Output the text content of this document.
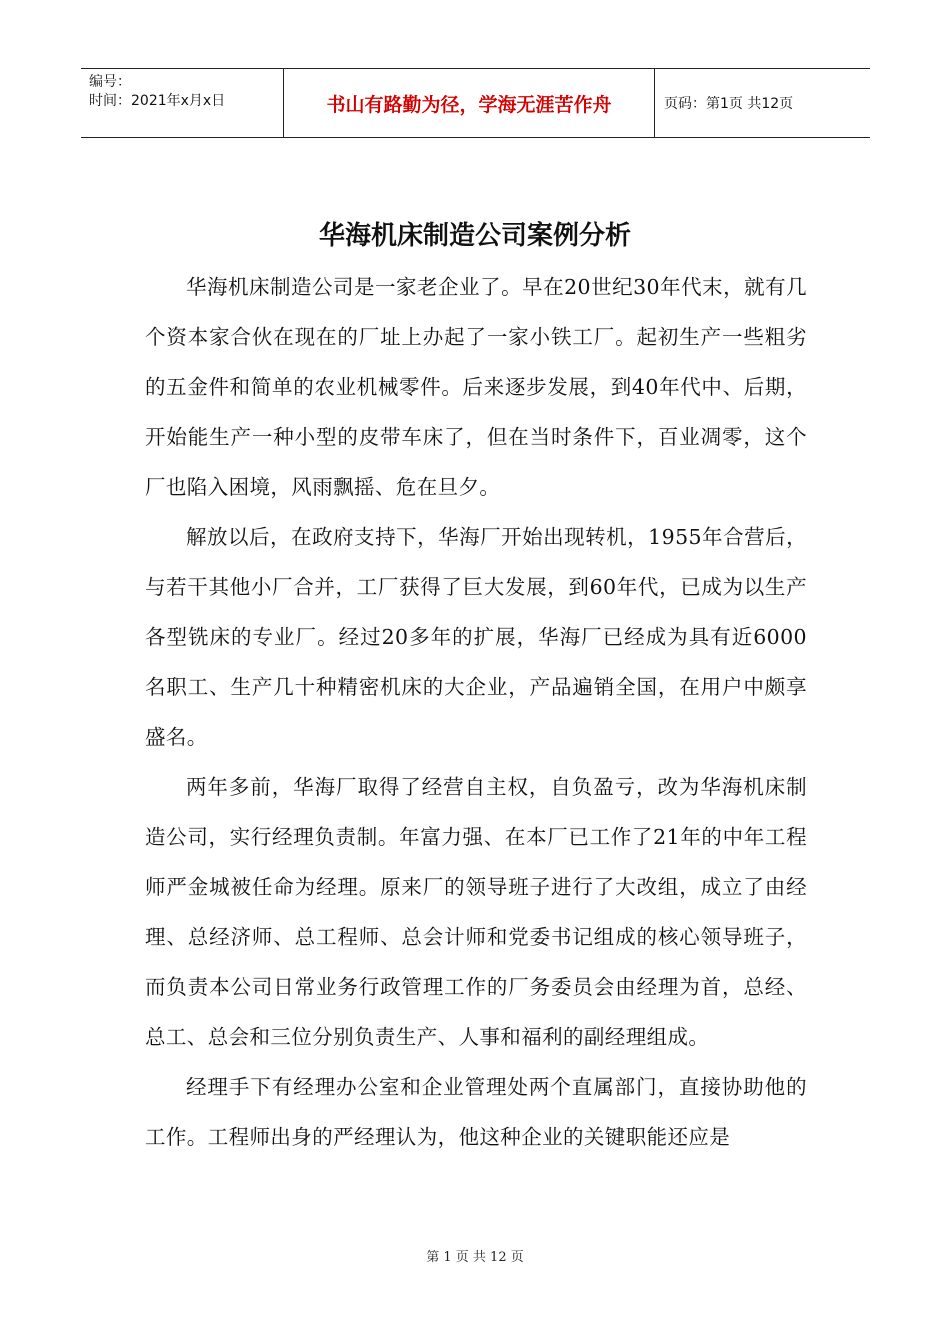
编号：
时间：2021年x月x日	书山有路勤为径，学海无涯苦作舟	页码：第1页 共12页
华海机床制造公司案例分析

华海机床制造公司是一家老企业了。早在20世纪30年代末，就有几个资本家合伙在现在的厂址上办起了一家小铁工厂。起初生产一些粗劣的五金件和简单的农业机械零件。后来逐步发展，到40年代中、后期，开始能生产一种小型的皮带车床了，但在当时条件下，百业凋零，这个厂也陷入困境，风雨飘摇、危在旦夕。

解放以后，在政府支持下，华海厂开始出现转机，1955年合营后，与若干其他小厂合并，工厂获得了巨大发展，到60年代，已成为以生产各型铣床的专业厂。经过20多年的扩展，华海厂已经成为具有近6000名职工、生产几十种精密机床的大企业，产品遍销全国，在用户中颇享盛名。

两年多前，华海厂取得了经营自主权，自负盈亏，改为华海机床制造公司，实行经理负责制。年富力强、在本厂已工作了21年的中年工程师严金城被任命为经理。原来厂的领导班子进行了大改组，成立了由经理、总经济师、总工程师、总会计师和党委书记组成的核心领导班子，而负责本公司日常业务行政管理工作的厂务委员会由经理为首，总经、总工、总会和三位分别负责生产、人事和福利的副经理组成。

经理手下有经理办公室和企业管理处两个直属部门，直接协助他的工作。工程师出身的严经理认为，他这种企业的关键职能还应是

第 1 页 共 12 页
